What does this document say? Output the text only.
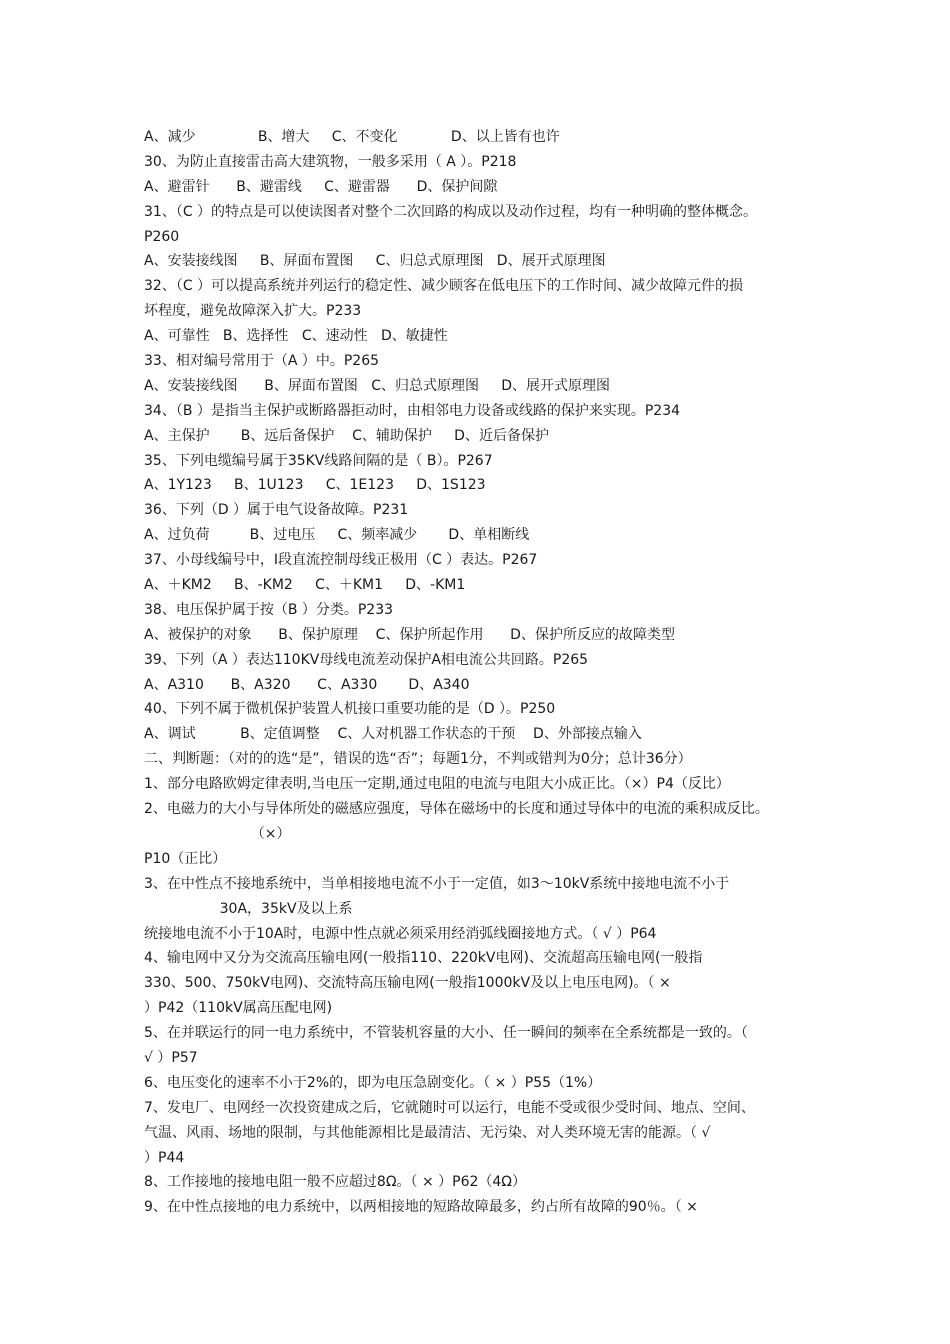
A、减少              B、增大     C、不变化            D、以上皆有也许
30、为防止直接雷击高大建筑物，一般多采用（ A ）。P218
A、避雷针      B、避雷线     C、避雷器      D、保护间隙
31、（C ）的特点是可以使读图者对整个二次回路的构成以及动作过程，均有一种明确的整体概念。
P260
A、安装接线图     B、屏面布置图     C、归总式原理图   D、展开式原理图
32、（C ）可以提高系统并列运行的稳定性、减少顾客在低电压下的工作时间、减少故障元件的损
坏程度，避免故障深入扩大。P233
A、可靠性   B、选择性   C、速动性   D、敏捷性
33、相对编号常用于（A ）中。P265
A、安装接线图      B、屏面布置图   C、归总式原理图     D、展开式原理图
34、（B ）是指当主保护或断路器拒动时，由相邻电力设备或线路的保护来实现。P234
A、主保护       B、远后备保护    C、辅助保护     D、近后备保护
35、下列电缆编号属于35KV线路间隔的是（ B）。P267
A、1Y123     B、1U123     C、1E123     D、1S123
36、下列（D ）属于电气设备故障。P231
A、过负荷         B、过电压     C、频率减少       D、单相断线
37、小母线编号中，I段直流控制母线正极用（C ）表达。P267
A、＋KM2     B、-KM2     C、＋KM1     D、-KM1
38、电压保护属于按（B ）分类。P233
A、被保护的对象      B、保护原理    C、保护所起作用      D、保护所反应的故障类型
39、下列（A ）表达110KV母线电流差动保护A相电流公共回路。P265
A、A310      B、A320      C、A330       D、A340
40、下列不属于微机保护装置人机接口重要功能的是（D ）。P250
A、调试          B、定值调整    C、人对机器工作状态的干预    D、外部接点输入
二、判断题：（对的的选“是”，错误的选“否”；每题1分，不判或错判为0分；总计36分）
1、部分电路欧姆定律表明,当电压一定期,通过电阻的电流与电阻大小成正比。（×）P4（反比）
2、电磁力的大小与导体所处的磁感应强度，导体在磁场中的长度和通过导体中的电流的乘积成反比。
（×）
P10（正比）
3、在中性点不接地系统中，当单相接地电流不小于一定值，如3～10kV系统中接地电流不小于
30A，35kV及以上系
统接地电流不小于10A时，电源中性点就必须采用经消弧线圈接地方式。（ √ ）P64
4、输电网中又分为交流高压输电网(一般指110、220kV电网)、交流超高压输电网(一般指
330、500、750kV电网)、交流特高压输电网(一般指1000kV及以上电压电网)。（ ×
）P42（110kV属高压配电网)
5、在并联运行的同一电力系统中，不管装机容量的大小、任一瞬间的频率在全系统都是一致的。（
√ ）P57
6、电压变化的速率不小于2%的，即为电压急剧变化。（ × ）P55（1%）
7、发电厂、电网经一次投资建成之后，它就随时可以运行，电能不受或很少受时间、地点、空间、
气温、风雨、场地的限制，与其他能源相比是最清洁、无污染、对人类环境无害的能源。（ √
）P44
8、工作接地的接地电阻一般不应超过8Ω。（ × ）P62（4Ω）
9、在中性点接地的电力系统中，以两相接地的短路故障最多，约占所有故障的90％。（ ×
